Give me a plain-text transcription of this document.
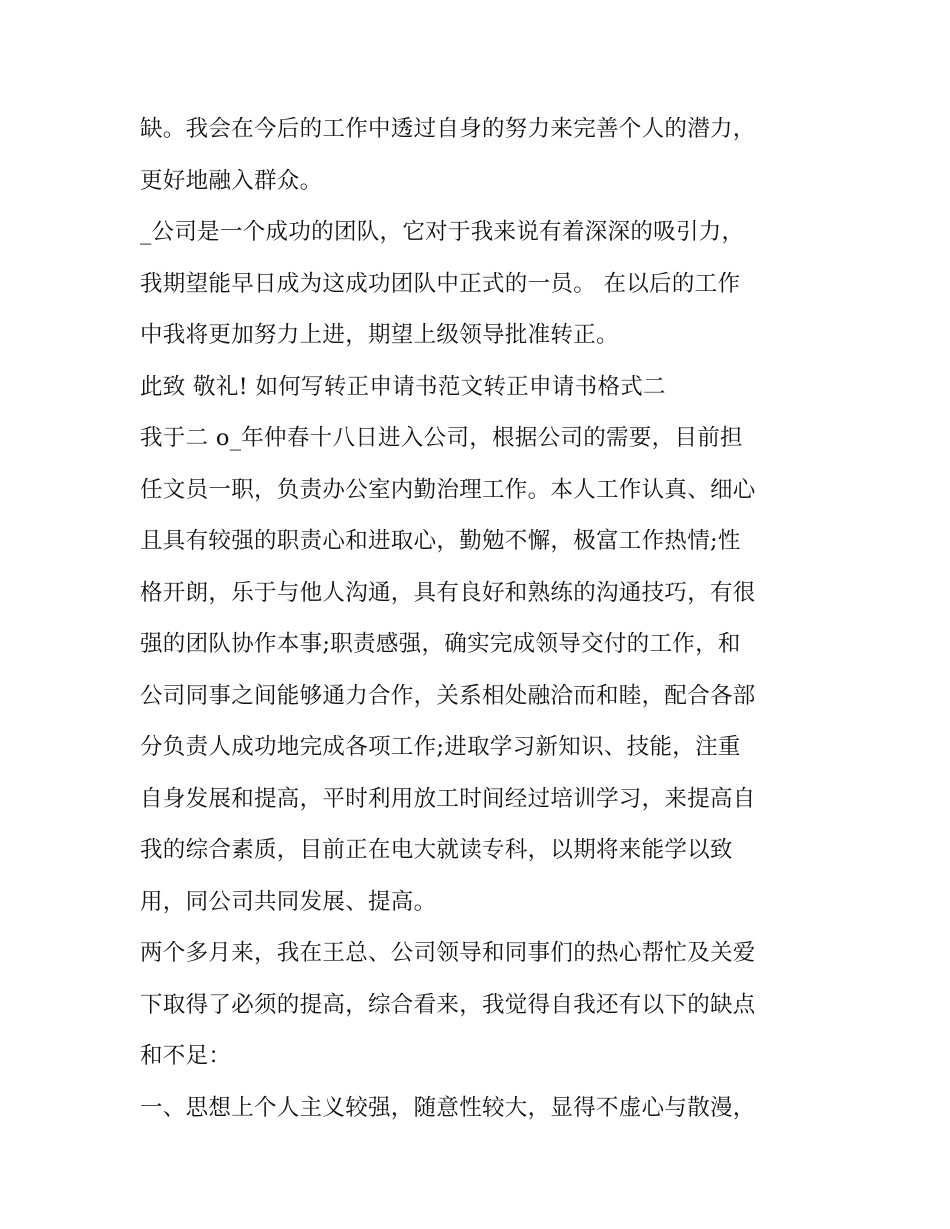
缺。我会在今后的工作中透过自身的努力来完善个人的潜力，
更好地融入群众。
_公司是一个成功的团队，它对于我来说有着深深的吸引力，
我期望能早日成为这成功团队中正式的一员。 在以后的工作
中我将更加努力上进，期望上级领导批准转正。
此致 敬礼! 如何写转正申请书范文转正申请书格式二
我于二 o_年仲春十八日进入公司，根据公司的需要，目前担
任文员一职，负责办公室内勤治理工作。本人工作认真、细心
且具有较强的职责心和进取心，勤勉不懈，极富工作热情;性
格开朗，乐于与他人沟通，具有良好和熟练的沟通技巧，有很
强的团队协作本事;职责感强，确实完成领导交付的工作，和
公司同事之间能够通力合作，关系相处融洽而和睦，配合各部
分负责人成功地完成各项工作;进取学习新知识、技能，注重
自身发展和提高，平时利用放工时间经过培训学习，来提高自
我的综合素质，目前正在电大就读专科，以期将来能学以致
用，同公司共同发展、提高。
两个多月来，我在王总、公司领导和同事们的热心帮忙及关爱
下取得了必须的提高，综合看来，我觉得自我还有以下的缺点
和不足：
一、思想上个人主义较强，随意性较大，显得不虚心与散漫，
